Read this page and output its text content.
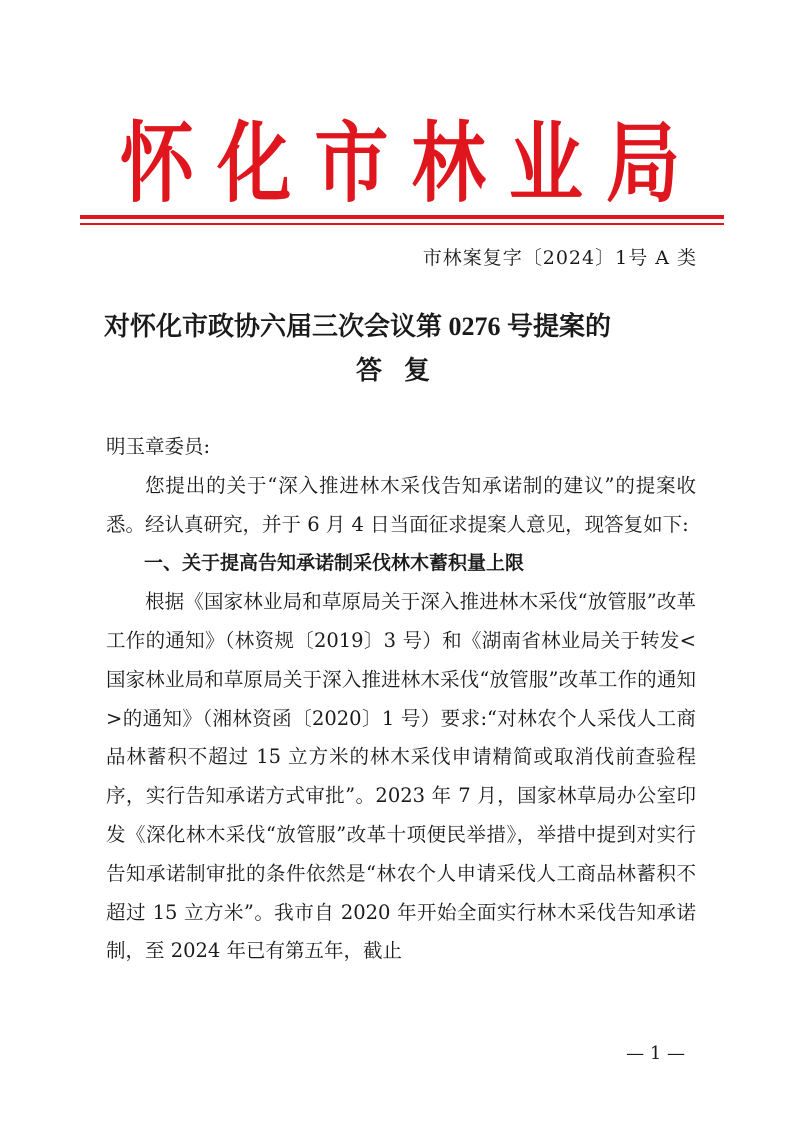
怀 化 市 林 业 局
市林案复字〔2024〕1号 A 类
对怀化市政协六届三次会议第 0276 号提案的
答复

明玉章委员:

您提出的关于“深入推进林木采伐告知承诺制的建议”的提案收悉。经认真研究，并于 6 月 4 日当面征求提案人意见，现答复如下:

一、关于提高告知承诺制采伐林木蓄积量上限

根据《国家林业局和草原局关于深入推进林木采伐“放管服”改革工作的通知》（林资规〔2019〕3 号）和《湖南省林业局关于转发<国家林业局和草原局关于深入推进林木采伐“放管服”改革工作的通知>的通知》（湘林资函〔2020〕1 号）要求:“对林农个人采伐人工商品林蓄积不超过 15 立方米的林木采伐申请精简或取消伐前查验程序，实行告知承诺方式审批”。2023 年 7 月，国家林草局办公室印发《深化林木采伐“放管服”改革十项便民举措》，举措中提到对实行告知承诺制审批的条件依然是“林农个人申请采伐人工商品林蓄积不超过 15 立方米”。我市自 2020 年开始全面实行林木采伐告知承诺制，至 2024 年已有第五年，截止

— 1 —
